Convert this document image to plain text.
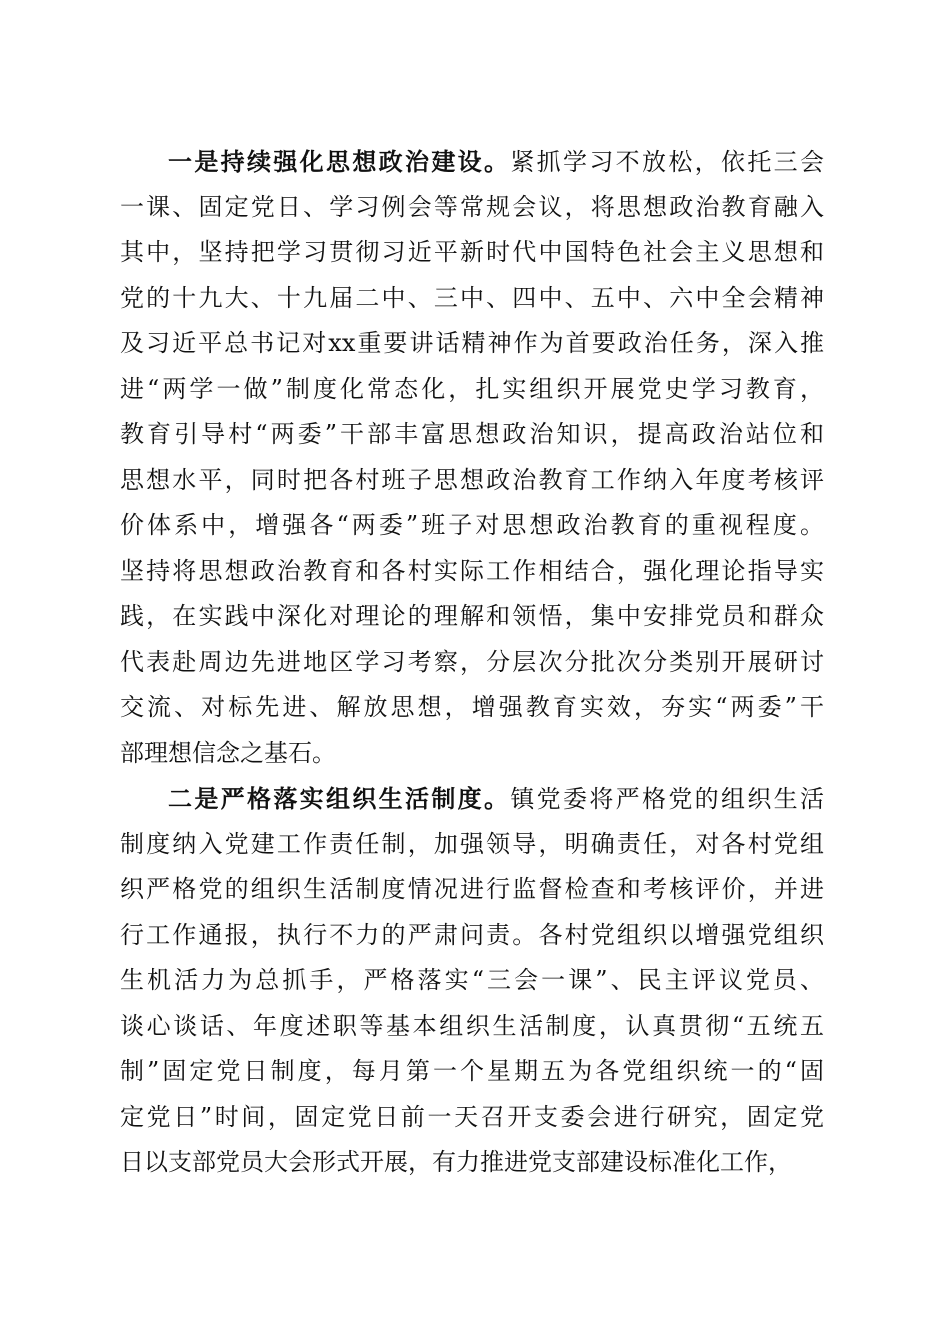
一是持续强化思想政治建设。紧抓学习不放松，依托三会
一课、固定党日、学习例会等常规会议，将思想政治教育融入
其中，坚持把学习贯彻习近平新时代中国特色社会主义思想和
党的十九大、十九届二中、三中、四中、五中、六中全会精神
及习近平总书记对xx重要讲话精神作为首要政治任务，深入推
进“两学一做”制度化常态化，扎实组织开展党史学习教育，
教育引导村“两委”干部丰富思想政治知识，提高政治站位和
思想水平，同时把各村班子思想政治教育工作纳入年度考核评
价体系中，增强各“两委”班子对思想政治教育的重视程度。
坚持将思想政治教育和各村实际工作相结合，强化理论指导实
践，在实践中深化对理论的理解和领悟，集中安排党员和群众
代表赴周边先进地区学习考察，分层次分批次分类别开展研讨
交流、对标先进、解放思想，增强教育实效，夯实“两委”干
部理想信念之基石。
二是严格落实组织生活制度。镇党委将严格党的组织生活
制度纳入党建工作责任制，加强领导，明确责任，对各村党组
织严格党的组织生活制度情况进行监督检查和考核评价，并进
行工作通报，执行不力的严肃问责。各村党组织以增强党组织
生机活力为总抓手，严格落实“三会一课”、民主评议党员、
谈心谈话、年度述职等基本组织生活制度，认真贯彻“五统五
制”固定党日制度，每月第一个星期五为各党组织统一的“固
定党日”时间，固定党日前一天召开支委会进行研究，固定党
日以支部党员大会形式开展，有力推进党支部建设标准化工作，
